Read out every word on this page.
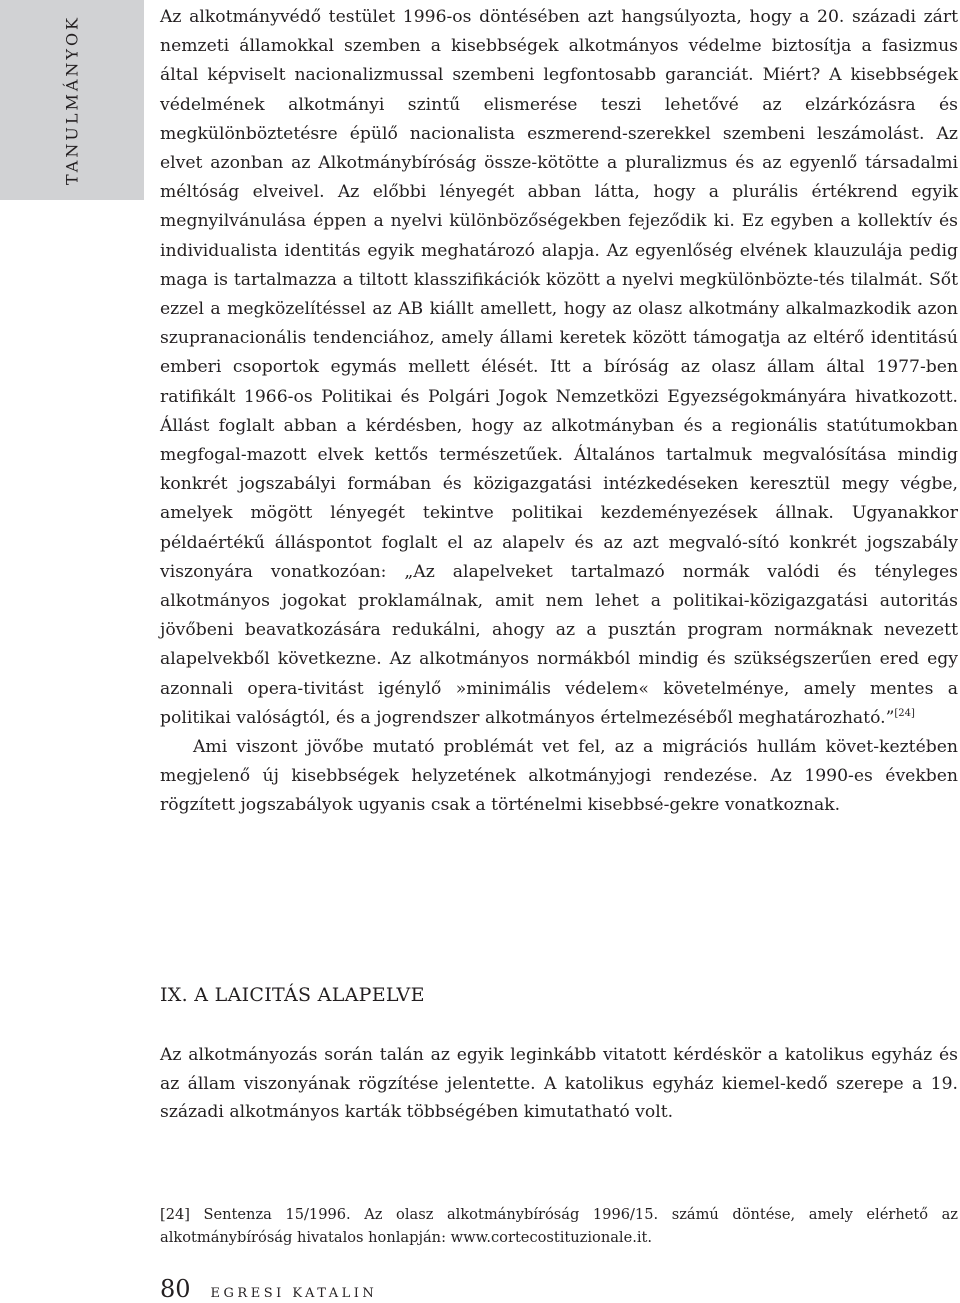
TANULMÁNYOK	Az alkotmányvédő testület 1996-os döntésében azt hangsúlyozta, hogy a 20. századi zárt nemzeti államokkal szemben a kisebbségek alkotmányos védelme biztosítja a fasizmus által képviselt nacionalizmussal szembeni legfontosabb garanciát. Miért? A kisebbségek védelmének alkotmányi szintű elismerése teszi lehetővé az elzárkózásra és megkülönböztetésre épülő nacionalista eszmerend-szerekkel szembeni leszámolást. Az elvet azonban az Alkotmánybíróság össze-kötötte a pluralizmus és az egyenlő társadalmi méltóság elveivel. Az előbbi lényegét abban látta, hogy a plurális értékrend egyik megnyilvánulása éppen a nyelvi különbözőségekben fejeződik ki. Ez egyben a kollektív és individualista identitás egyik meghatározó alapja. Az egyenlőség elvének klauzulája pedig maga is tartalmazza a tiltott klasszifikációk között a nyelvi megkülönbözte-tés tilalmát. Sőt ezzel a megközelítéssel az AB kiállt amellett, hogy az olasz alkotmány alkalmazkodik azon szupranacionális tendenciához, amely állami keretek között támogatja az eltérő identitású emberi csoportok egymás mellett élését. Itt a bíróság az olasz állam által 1977-ben ratifikált 1966-os Politikai és Polgári Jogok Nemzetközi Egyezségokmányára hivatkozott. Állást foglalt abban a kérdésben, hogy az alkotmányban és a regionális statútumokban megfogal-mazott elvek kettős természetűek. Általános tartalmuk megvalósítása mindig konkrét jogszabályi formában és közigazgatási intézkedéseken keresztül megy végbe, amelyek mögött lényegét tekintve politikai kezdeményezések állnak. Ugyanakkor példaértékű álláspontot foglalt el az alapelv és az azt megvaló-sító konkrét jogszabály viszonyára vonatkozóan: „Az alapelveket tartalmazó normák valódi és tényleges alkotmányos jogokat proklamálnak, amit nem lehet a politikai-közigazgatási autoritás jövőbeni beavatkozására redukálni, ahogy az a pusztán program normáknak nevezett alapelvekből következne. Az alkotmányos normákból mindig és szükségszerűen ered egy azonnali opera-tivitást igénylő »minimális védelem« követelménye, amely mentes a politikai valóságtól, és a jogrendszer alkotmányos értelmezéséből meghatározható.”[24]

Ami viszont jövőbe mutató problémát vet fel, az a migrációs hullám követ-keztében megjelenő új kisebbségek helyzetének alkotmányjogi rendezése. Az 1990-es években rögzített jogszabályok ugyanis csak a történelmi kisebbsé-gekre vonatkoznak.

IX. A LAICITÁS ALAPELVE

Az alkotmányozás során talán az egyik leginkább vitatott kérdéskör a katolikus egyház és az állam viszonyának rögzítése jelentette. A katolikus egyház kiemel-kedő szerepe a 19. századi alkotmányos karták többségében kimutatható volt.

[24] Sentenza 15/1996. Az olasz alkotmánybíróság 1996/15. számú döntése, amely elérhető az alkotmánybíróság hivatalos honlapján: www.cortecostituzionale.it.
80 EGRESI KATALIN
